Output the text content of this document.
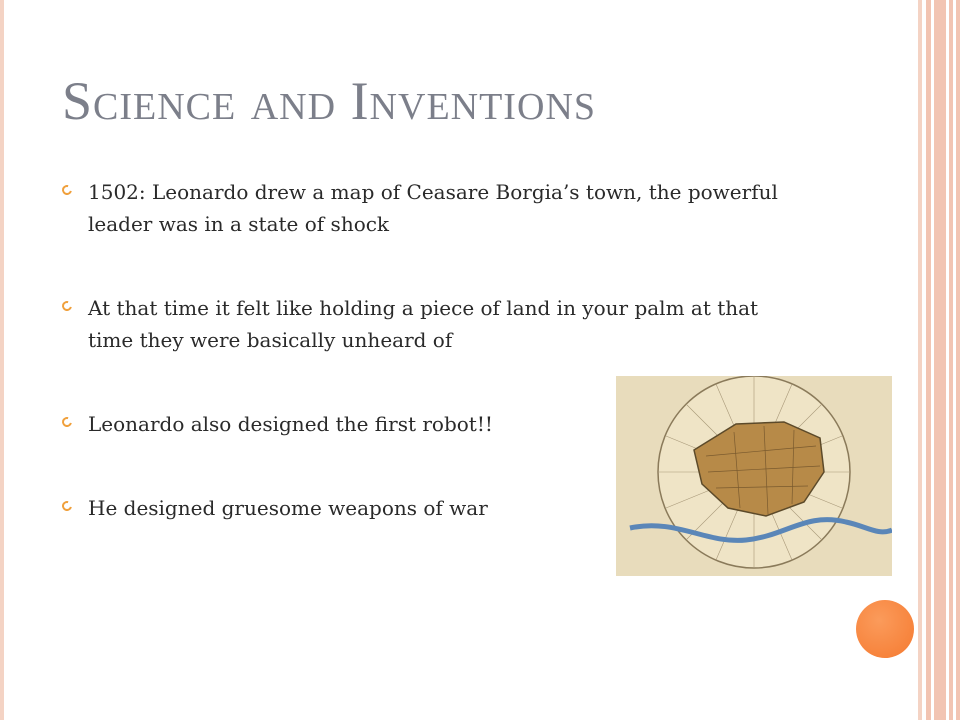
Science and Inventions
1502: Leonardo drew a map of Ceasare Borgia’s town, the powerful leader was in a state of shock
At that time it felt like holding a piece of land in your palm at that time they were basically unheard of
Leonardo also designed the first robot!!
He designed gruesome weapons of war
